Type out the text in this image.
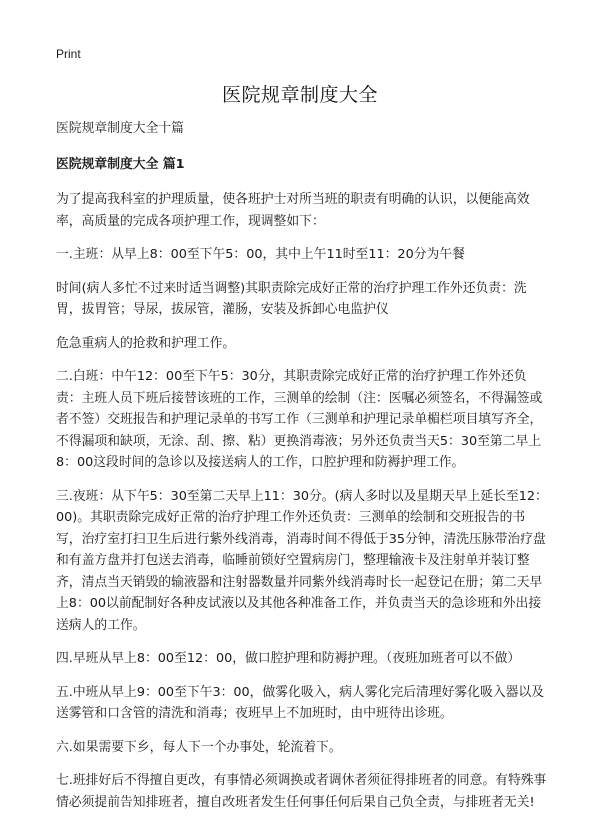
Print
医院规章制度大全

医院规章制度大全十篇

医院规章制度大全 篇1

为了提高我科室的护理质量，使各班护士对所当班的职责有明确的认识，以便能高效率，高质量的完成各项护理工作，现调整如下：

一.主班：从早上8：00至下午5：00，其中上午11时至11：20分为午餐

时间(病人多忙不过来时适当调整)其职责除完成好正常的治疗护理工作外还负责：洗胃，拔胃管；导尿，拔尿管，灌肠，安装及拆卸心电监护仪

危急重病人的抢救和护理工作。

二.白班：中午12：00至下午5：30分，其职责除完成好正常的治疗护理工作外还负责：主班人员下班后接替该班的工作，三测单的绘制（注：医嘱必须签名，不得漏签或者不签）交班报告和护理记录单的书写工作（三测单和护理记录单楣栏项目填写齐全，不得漏项和缺项，无涂、刮、擦、粘）更换消毒液；另外还负责当天5：30至第二早上8：00这段时间的急诊以及接送病人的工作，口腔护理和防褥护理工作。

三.夜班：从下午5：30至第二天早上11：30分。(病人多时以及星期天早上延长至12：00)。其职责除完成好正常的治疗护理工作外还负责：三测单的绘制和交班报告的书写，治疗室打扫卫生后进行紫外线消毒，消毒时间不得低于35分钟，清洗压脉带治疗盘和有盖方盘并打包送去消毒，临睡前锁好空置病房门，整理输液卡及注射单并装订整齐，清点当天销毁的输液器和注射器数量并同紫外线消毒时长一起登记在册；第二天早上8：00以前配制好各种皮试液以及其他各种准备工作，并负责当天的急诊班和外出接送病人的工作。

四.早班从早上8：00至12：00，做口腔护理和防褥护理。（夜班加班者可以不做）

五.中班从早上9：00至下午3：00，做雾化吸入，病人雾化完后清理好雾化吸入器以及送雾管和口含管的清洗和消毒；夜班早上不加班时，由中班待出诊班。

六.如果需要下乡，每人下一个办事处，轮流着下。

七.班排好后不得擅自更改，有事情必须调换或者调休者须征得排班者的同意。有特殊事情必须提前告知排班者，擅自改班者发生任何事任何后果自己负全责，与排班者无关!
